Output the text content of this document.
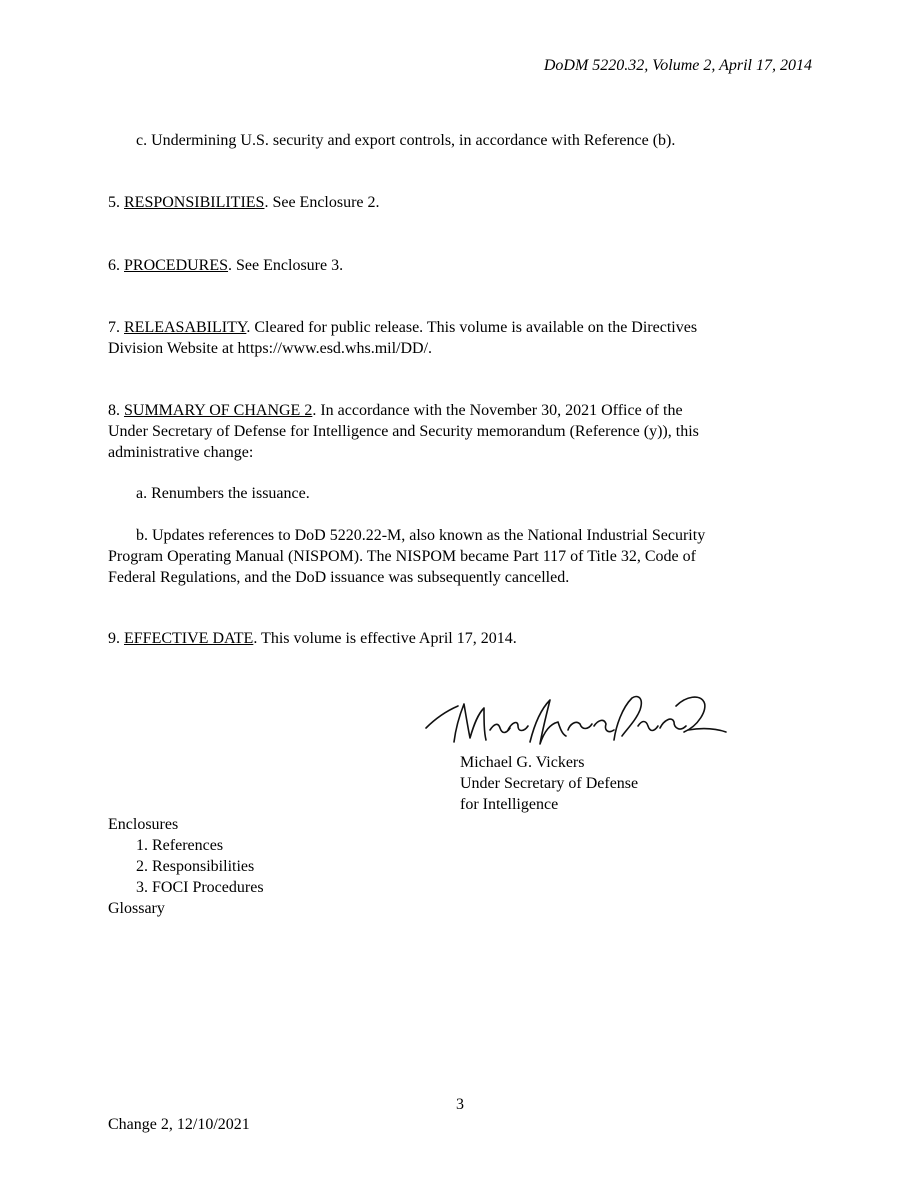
DoDM 5220.32, Volume 2, April 17, 2014
c. Undermining U.S. security and export controls, in accordance with Reference (b).
5. RESPONSIBILITIES. See Enclosure 2.
6. PROCEDURES. See Enclosure 3.
7. RELEASABILITY. Cleared for public release. This volume is available on the Directives
Division Website at https://www.esd.whs.mil/DD/.
8. SUMMARY OF CHANGE 2. In accordance with the November 30, 2021 Office of the
Under Secretary of Defense for Intelligence and Security memorandum (Reference (y)), this
administrative change:
a. Renumbers the issuance.
b. Updates references to DoD 5220.22-M, also known as the National Industrial Security
Program Operating Manual (NISPOM). The NISPOM became Part 117 of Title 32, Code of
Federal Regulations, and the DoD issuance was subsequently cancelled.
9. EFFECTIVE DATE. This volume is effective April 17, 2014.
Michael G. Vickers
Under Secretary of Defense
for Intelligence
Enclosures
1. References
2. Responsibilities
3. FOCI Procedures
Glossary
3
Change 2, 12/10/2021
